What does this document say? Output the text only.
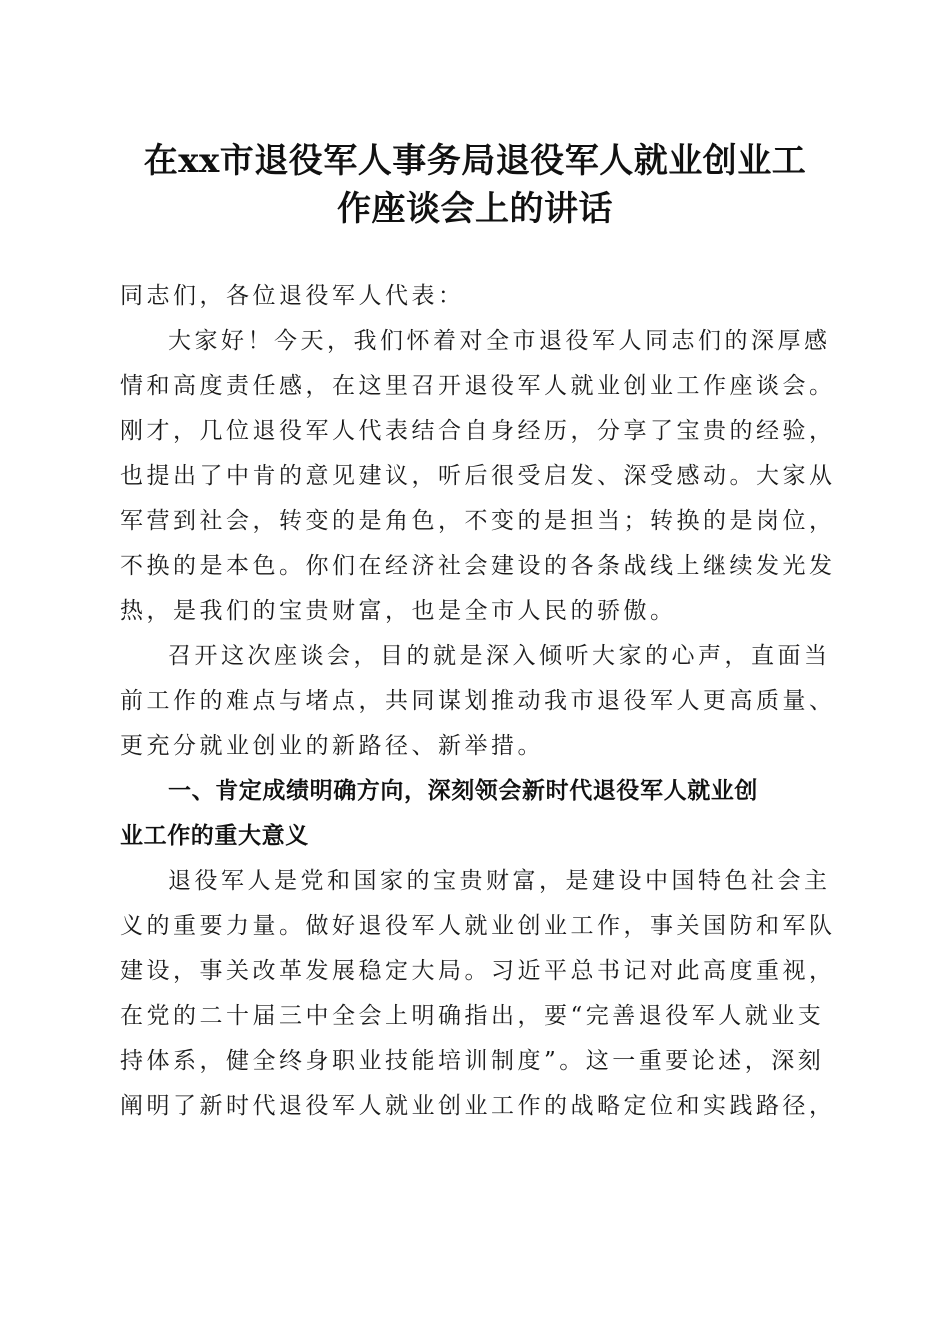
在xx市退役军人事务局退役军人就业创业工
作座谈会上的讲话

同志们，各位退役军人代表：

大家好！今天，我们怀着对全市退役军人同志们的深厚感

情和高度责任感，在这里召开退役军人就业创业工作座谈会。

刚才，几位退役军人代表结合自身经历，分享了宝贵的经验，

也提出了中肯的意见建议，听后很受启发、深受感动。大家从

军营到社会，转变的是角色，不变的是担当；转换的是岗位，

不换的是本色。你们在经济社会建设的各条战线上继续发光发

热，是我们的宝贵财富，也是全市人民的骄傲。

召开这次座谈会，目的就是深入倾听大家的心声，直面当

前工作的难点与堵点，共同谋划推动我市退役军人更高质量、

更充分就业创业的新路径、新举措。

一、肯定成绩明确方向，深刻领会新时代退役军人就业创

业工作的重大意义

退役军人是党和国家的宝贵财富，是建设中国特色社会主

义的重要力量。做好退役军人就业创业工作，事关国防和军队

建设，事关改革发展稳定大局。习近平总书记对此高度重视，

在党的二十届三中全会上明确指出，要“完善退役军人就业支

持体系，健全终身职业技能培训制度”。这一重要论述，深刻

阐明了新时代退役军人就业创业工作的战略定位和实践路径，
